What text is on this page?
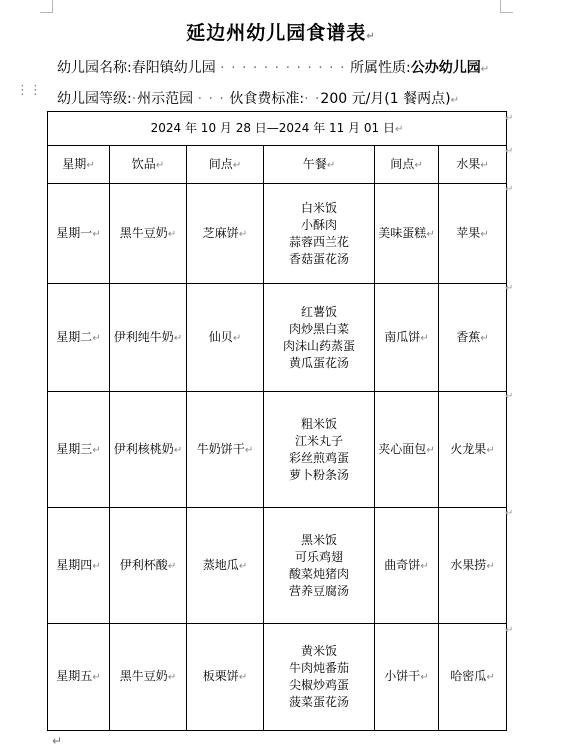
延边州幼儿园食谱表↵
幼儿园名称:春阳镇幼儿园 · · · · · · · · · · · · 所属性质:公办幼儿园↵
⋮⋮
幼儿园等级:·州示范园 · · · 伙食费标准:· ·200 元/月(1 餐两点)↵
2024 年 10 月 28 日—2024 年 11 月 01 日↵					
星期↵	饮品↵	间点↵	午餐↵	间点↵	水果↵
星期一↵	黑牛豆奶↵	芝麻饼↵	白米饭
小酥肉
蒜蓉西兰花
香菇蛋花汤	美味蛋糕↵	苹果↵
星期二↵	伊利纯牛奶↵	仙贝↵	红薯饭
肉炒黑白菜
肉沫山药蒸蛋
黄瓜蛋花汤	南瓜饼↵	香蕉↵
星期三↵	伊利核桃奶↵	牛奶饼干↵	粗米饭
江米丸子
彩丝煎鸡蛋
萝卜粉条汤	夹心面包↵	火龙果↵
星期四↵	伊利杯酸↵	蒸地瓜↵	黑米饭
可乐鸡翅
酸菜炖猪肉
营养豆腐汤	曲奇饼↵	水果捞↵
星期五↵	黑牛豆奶↵	板栗饼↵	黄米饭
牛肉炖番茄
尖椒炒鸡蛋
菠菜蛋花汤	小饼干↵	哈密瓜↵
↵
↵
↵
↵
↵
↵
↵
↵
